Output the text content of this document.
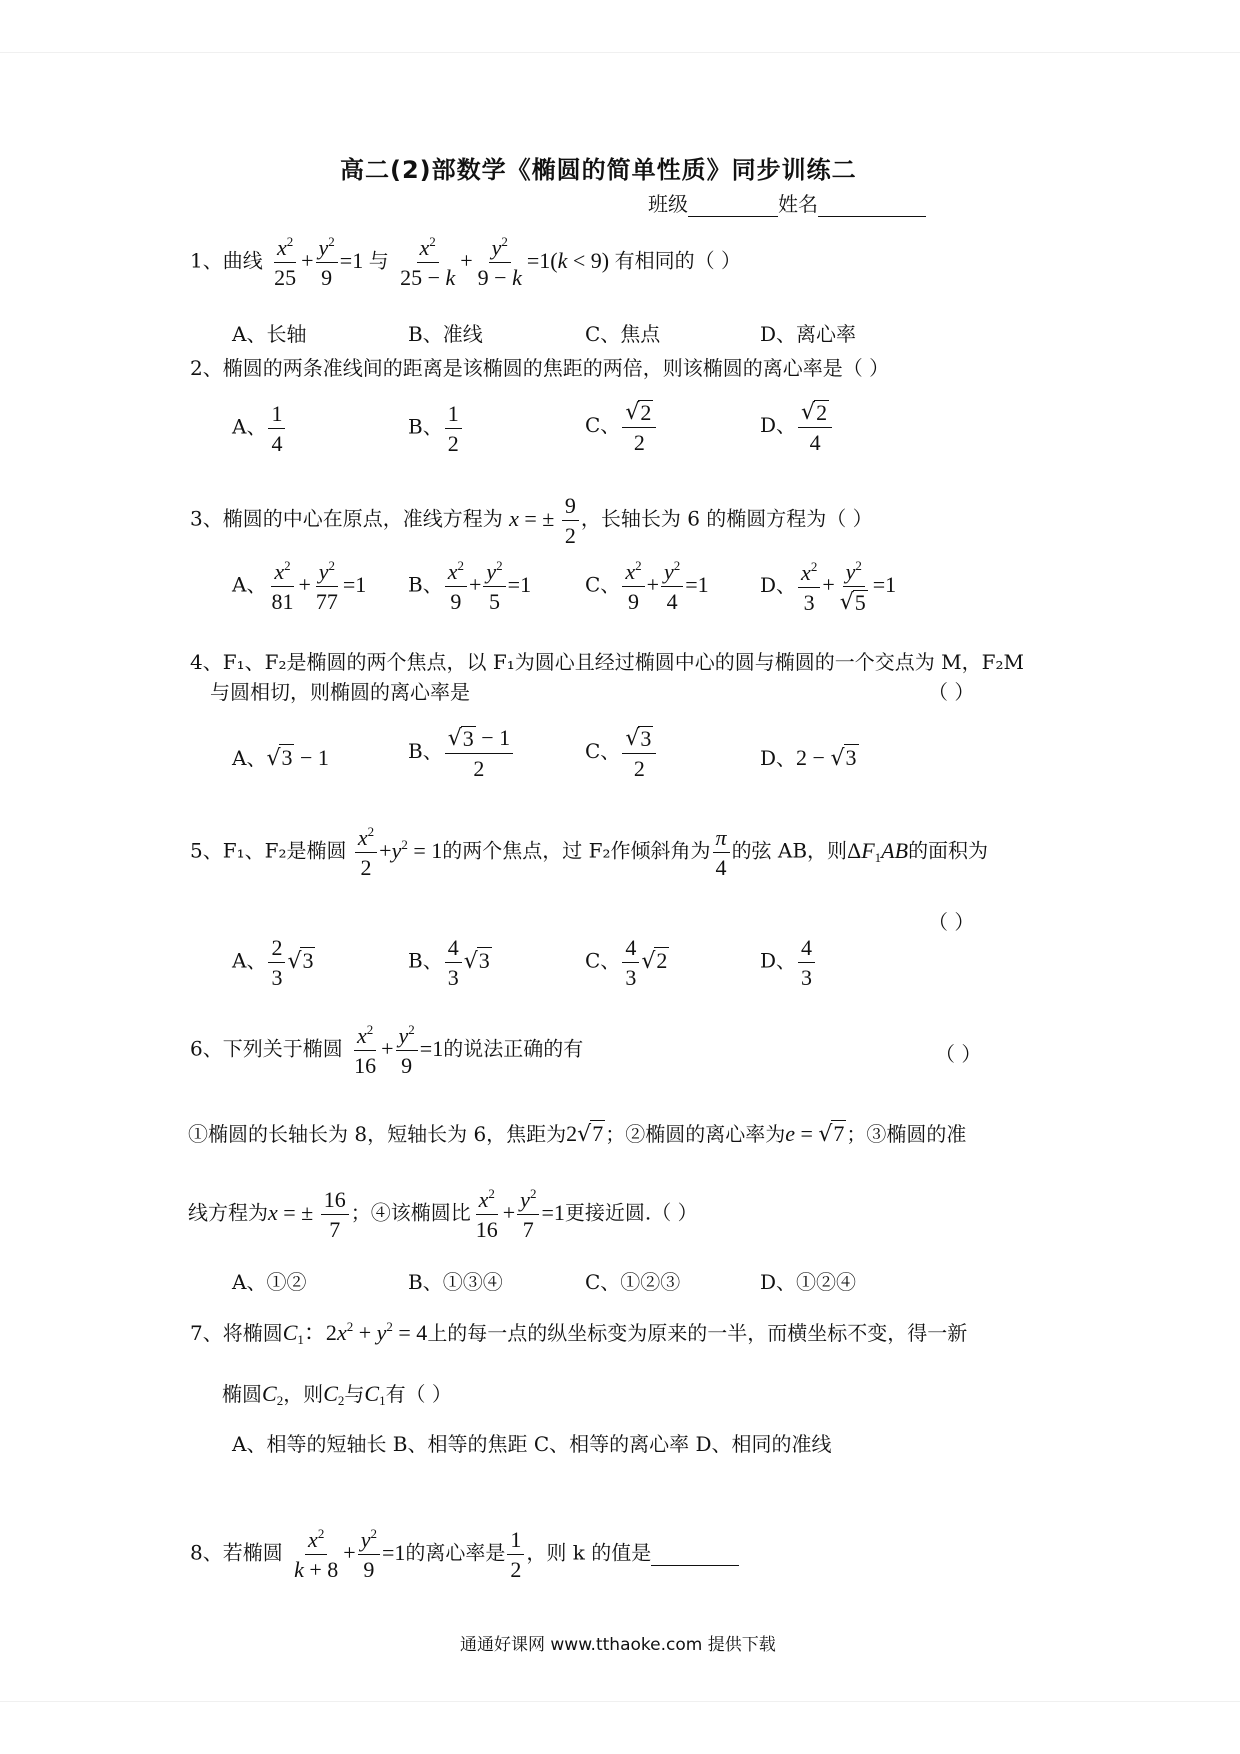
高二(2)部数学《椭圆的简单性质》同步训练二
班级	姓名
1、曲线 $\frac{x^2}{25} + \frac{y^2}{9} =1$ 与 $\frac{x^2}{25 - k} + \frac{y^2}{9 - k} =1(k < 9)$ 有相同的（ ）
A、长轴	B、准线	C、焦点	D、离心率
2、椭圆的两条准线间的距离是该椭圆的焦距的两倍，则该椭圆的离心率是（ ）
A、 $\frac{1}{4}$	B、 $\frac{1}{2}$	C、 $\frac{√ 2}{2}$	D、 $\frac{√ 2}{4}$
3、椭圆的中心在原点，准线方程为 x = ± $\frac{9}{2}$ ，长轴长为 6 的椭圆方程为（ ）
A、 $\frac{x^2}{81} + \frac{y^2}{77} =1$ B、 $\frac{x^2}{9} + \frac{y^2}{5} =1$	C、 $\frac{x^2}{9} + \frac{y^2}{4} =1$	D、 $\frac{x^2}{3} + \frac{y^2}{√ 5} =1$
4、F₁、F₂是椭圆的两个焦点，以 F₁为圆心且经过椭圆中心的圆与椭圆的一个交点为 M，F₂M
与圆相切，则椭圆的离心率是	（ ）
A、 √ 3 − 1	B、 $\frac{√ 3 - 1}{2}$	C、 $\frac{√ 3}{2}$	D、2 − √ 3
5、F₁、F₂是椭圆 $\frac{x^2}{2} +y^2 = 1$的两个焦点，过 F₂作倾斜角为 $\frac{\pi}{4}$ 的弦 AB，则$\Delta F_1AB$的面积为
（ ）
A、 $\frac{2}{3}$ √ 3	B、 $\frac{4}{3}$ √ 3	C、 $\frac{4}{3}$ √ 2	D、 $\frac{4}{3}$
6、下列关于椭圆 $\frac{x^2}{16} + \frac{y^2}{9} =1$的说法正确的有	（ ）
①椭圆的长轴长为 8，短轴长为 6，焦距为2 √ 7 ；②椭圆的离心率为e = √ 7 ；③椭圆的准
线方程为x = ± $\frac{16}{7}$ ；④该椭圆比 $\frac{x^2}{16} + \frac{y^2}{7} =1$更接近圆.（ ）
A、①②	B、①③④	C、①②③	D、①②④
7、将椭圆$C_1$：$2x^2 + y^2 = 4$上的每一点的纵坐标变为原来的一半，而横坐标不变，得一新
椭圆$C_2$，则$C_2$与$C_1$有（ ）
A、相等的短轴长 B、相等的焦距 C、相等的离心率 D、相同的准线
8、若椭圆 $\frac{x^2}{k + 8} + \frac{y^2}{9} =1$的离心率是 $\frac{1}{2}$ ，则 k 的值是
通通好课网 www.tthaoke.com 提供下载
